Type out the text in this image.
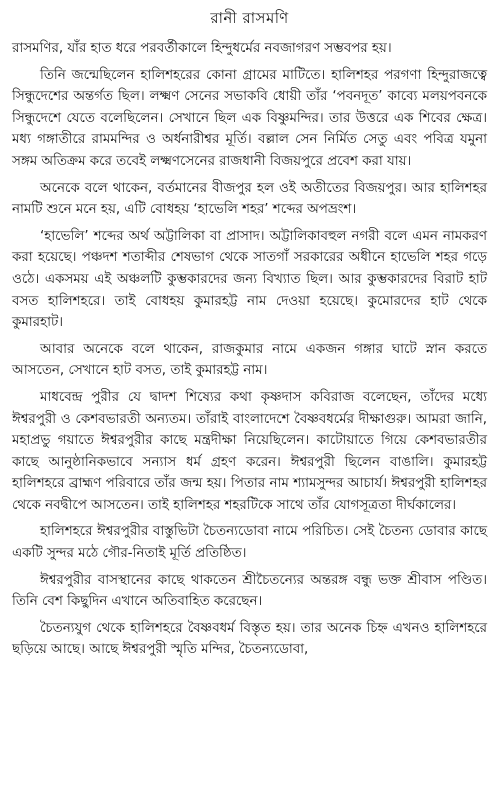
রানী রাসমণি

রাসমণির, যাঁর হাত ধরে পরবর্তীকালে হিন্দুধর্মের নবজাগরণ সম্ভবপর হয়।

তিনি জন্মেছিলেন হালিশহরের কোনা গ্রামের মাটিতে। হালিশহর পরগণা হিন্দুরাজত্বে সিন্ধুদেশের অন্তর্গত ছিল। লক্ষ্মণ সেনের সভাকবি ধোয়ী তাঁর ‘পবনদূত’ কাব্যে মলয়পবনকে সিন্ধুদেশে যেতে বলেছিলেন। সেখানে ছিল এক বিষ্ণুমন্দির। তার উত্তরে এক শিবের ক্ষেত্র। মধ্য গঙ্গাতীরে রামমন্দির ও অর্ধনারীশ্বর মূর্তি। বল্লাল সেন নির্মিত সেতু এবং পবিত্র যমুনা সঙ্গম অতিক্রম করে তবেই লক্ষ্মণসেনের রাজধানী বিজয়পুরে প্রবেশ করা যায়।

অনেকে বলে থাকেন, বর্তমানের বীজপুর হল ওই অতীতের বিজয়পুর। আর হালিশহর নামটি শুনে মনে হয়, এটি বোধহয় ‘হাভেলি শহর’ শব্দের অপভ্রংশ।

‘হাভেলি’ শব্দের অর্থ অট্টালিকা বা প্রাসাদ। অট্টালিকাবহুল নগরী বলে এমন নামকরণ করা হয়েছে। পঞ্চদশ শতাব্দীর শেষভাগ থেকে সাতগাঁ সরকারের অধীনে হাভেলি শহর গড়ে ওঠে। একসময় এই অঞ্চলটি কুম্ভকারদের জন্য বিখ্যাত ছিল। আর কুম্ভকারদের বিরাট হাট বসত হালিশহরে। তাই বোধহয় কুমারহট্ট নাম দেওয়া হয়েছে। কুমোরদের হাট থেকে কুমারহাট।

আবার অনেকে বলে থাকেন, রাজকুমার নামে একজন গঙ্গার ঘাটে স্নান করতে আসতেন, সেখানে হাট বসত, তাই কুমারহট্ট নাম।

মাধবেন্দ্র পুরীর যে দ্বাদশ শিষ্যের কথা কৃষ্ণদাস কবিরাজ বলেছেন, তাঁদের মধ্যে ঈশ্বরপুরী ও কেশবভারতী অন্যতম। তাঁরাই বাংলাদেশে বৈষ্ণবধর্মের দীক্ষাগুরু। আমরা জানি, মহাপ্রভু গয়াতে ঈশ্বরপুরীর কাছে মন্ত্রদীক্ষা নিয়েছিলেন। কাটোয়াতে গিয়ে কেশবভারতীর কাছে আনুষ্ঠানিকভাবে সন্যাস ধর্ম গ্রহণ করেন। ঈশ্বরপুরী ছিলেন বাঙালি। কুমারহট্ট হালিশহরে ব্রাহ্মণ পরিবারে তাঁর জন্ম হয়। পিতার নাম শ্যামসুন্দর আচার্য। ঈশ্বরপুরী হালিশহর থেকে নবদ্বীপে আসতেন। তাই হালিশহর শহরটিকে সাথে তাঁর যোগসূত্রতা দীর্ঘকালের।

হালিশহরে ঈশ্বরপুরীর বাস্তুভিটা চৈতন্যডোবা নামে পরিচিত। সেই চৈতন্য ডোবার কাছে একটি সুন্দর মঠে গৌর-নিতাই মূর্তি প্রতিষ্ঠিত।

ঈশ্বরপুরীর বাসস্থানের কাছে থাকতেন শ্রীচৈতন্যের অন্তরঙ্গ বন্ধু ভক্ত শ্রীবাস পণ্ডিত। তিনি বেশ কিছুদিন এখানে অতিবাহিত করেছেন।

চৈতন্যযুগ থেকে হালিশহরে বৈষ্ণবধর্ম বিস্তৃত হয়। তার অনেক চিহ্ন এখনও হালিশহরে ছড়িয়ে আছে। আছে ঈশ্বরপুরী স্মৃতি মন্দির, চৈতন্যডোবা,
